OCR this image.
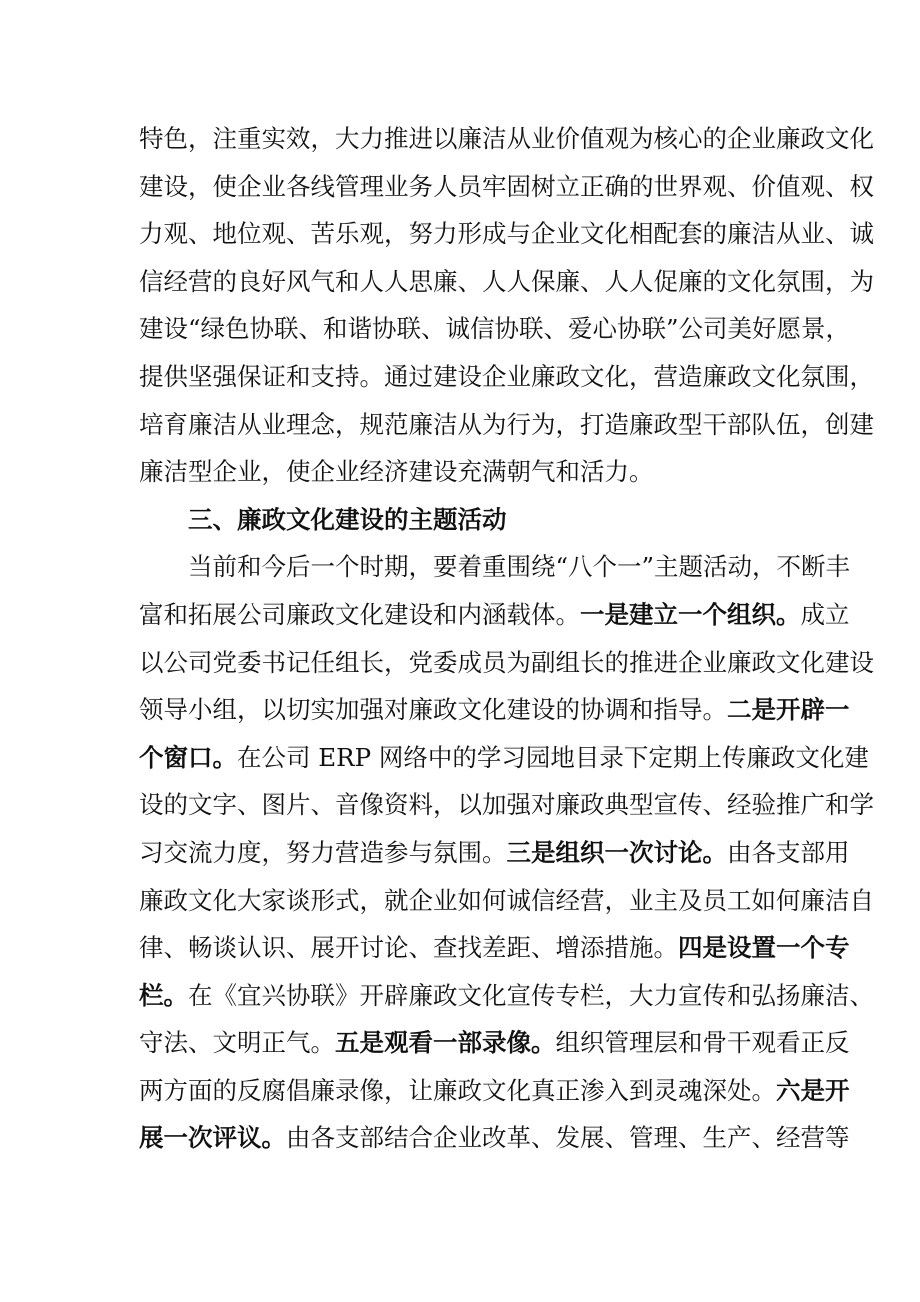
特色，注重实效，大力推进以廉洁从业价值观为核心的企业廉政文化
建设，使企业各线管理业务人员牢固树立正确的世界观、价值观、权
力观、地位观、苦乐观，努力形成与企业文化相配套的廉洁从业、诚
信经营的良好风气和人人思廉、人人保廉、人人促廉的文化氛围，为
建设“绿色协联、和谐协联、诚信协联、爱心协联”公司美好愿景，
提供坚强保证和支持。通过建设企业廉政文化，营造廉政文化氛围，
培育廉洁从业理念，规范廉洁从为行为，打造廉政型干部队伍，创建
廉洁型企业，使企业经济建设充满朝气和活力。
三、廉政文化建设的主题活动
当前和今后一个时期，要着重围绕“八个一”主题活动，不断丰
富和拓展公司廉政文化建设和内涵载体。一是建立一个组织。成立
以公司党委书记任组长，党委成员为副组长的推进企业廉政文化建设
领导小组，以切实加强对廉政文化建设的协调和指导。二是开辟一
个窗口。在公司 ERP 网络中的学习园地目录下定期上传廉政文化建
设的文字、图片、音像资料，以加强对廉政典型宣传、经验推广和学
习交流力度，努力营造参与氛围。三是组织一次讨论。由各支部用
廉政文化大家谈形式，就企业如何诚信经营，业主及员工如何廉洁自
律、畅谈认识、展开讨论、查找差距、增添措施。四是设置一个专
栏。在《宜兴协联》开辟廉政文化宣传专栏，大力宣传和弘扬廉洁、
守法、文明正气。五是观看一部录像。组织管理层和骨干观看正反
两方面的反腐倡廉录像，让廉政文化真正渗入到灵魂深处。六是开
展一次评议。由各支部结合企业改革、发展、管理、生产、经营等
